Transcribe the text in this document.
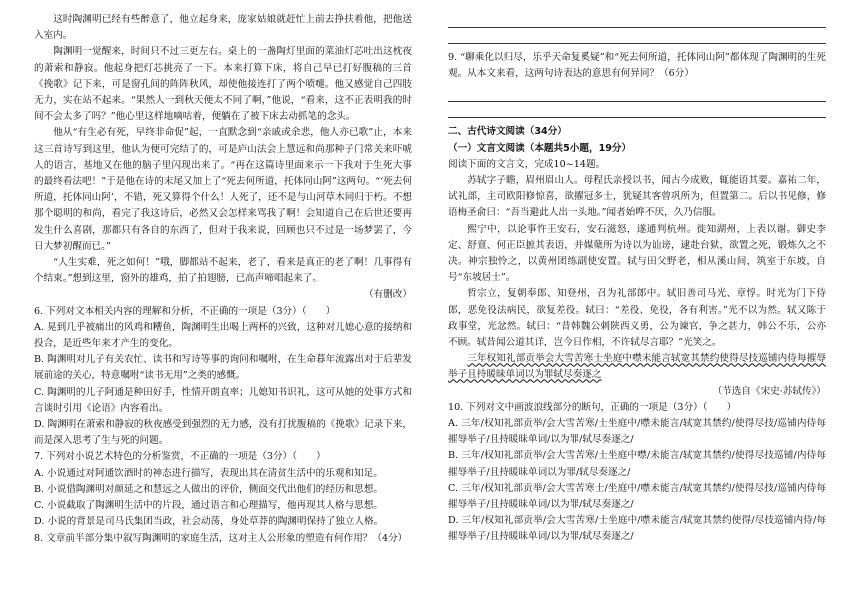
这时陶渊明已经有些醉意了，他立起身来，庞家姑娘就赶忙上前去挣扶着他，把他送入室内。

陶渊明一觉醒来，时间只不过三更左右。桌上的一盏陶灯里面的菜油灯芯吐出这枕夜的萧索和静寂。他起身把灯芯挑亮了一下。本来打算下床，将自己早已打好腹稿的三首《挽歌》记下来，可是窗孔间的阵阵秋风，却使他接连打了两个喷嚏。他又感觉自己四肢无力，实在站不起来。“果然人一到秋天便太不同了啊，”他说，“看来，这不正表明我的时间不会太多了吗？”他心里这样地嘀咕着，便躺在了被下床去动抓笔的念头。

他从“有生必有死，早终非命促”起，一直默念到“亲戚或余悲，他人亦已歌”止，本来这三首诗写到这里，他认为便可完结了的，可是庐山法会上慧远和尚那种子门常关来吓唬人的语言，基地又在他的脑子里闪现出来了。“再在这篇诗里面来示一下我对于生死大事的最终看法吧！”于是他在诗的末尾又加上了“死去何所道，托体同山阿”这两句。“‘死去何所道，托体同山阿’，不错，死又算得个什么！人死了，还不是与山河草木同归于朽。不想那个聪明的和尚，看完了我这诗后，必然又会怎样来骂我了啊！会知道自己在后世还要再发生什么喜剧，那都只有各自的东西了，但对于我来说，回顾也只不过是一场梦罢了，今日大梦初醒而已。”

“人生实难，死之如何！”哦，脚都站不起来，老了，看来是真正的老了啊！几事得有个结束。”想到这里，窗外的雄鸡，拍了拍翅膀，已高声啼唱起来了。

（有删改）

6. 下列对文本相关内容的理解和分析，不正确的一项是（3分）（　　）

A. 晃到几乎被痛出的风鸡和糟鱼，陶渊明生出喝上两杯的兴致，这种对儿媳心意的接纳和投合，是近些年来才产生的变化。

B. 陶渊明对儿子有关农忙、读书和写诗等事的询问和嘱咐，在生命暮年流露出对于后辈发展前途的关心，特意嘱咐“读书无用”之类的感慨。

C. 陶渊明的儿子阿通是种田好手，性情开朗直率；儿媳知书识礼，这可从她的处事方式和言谈时引用《论语》内容看出。

D. 陶渊明在萧索和静寂的秋夜感受到强烈的无力感，没有打扰腹稿的《挽歌》记录下来，而是深入思考了生与死的问题。

7. 下列对小说艺术特色的分析鉴赏，不正确的一项是（3分）（　　）

A. 小说通过对阿通饮酒时的神态进行描写，表现出其在清贫生活中的乐观和知足。

B. 小说借陶渊明对颜延之和慧远之人做出的评价，侧面交代出他们的经历和思想。

C. 小说截取了陶渊明生活中的片段，通过语言和心理描写，他再现其人格与思想。

D. 小说的背景是司马氏集团当政，社会动荡，身处草莽的陶渊明保持了独立人格。

8. 文章前半部分集中叙写陶渊明的家庭生活，这对主人公形象的塑造有何作用？（4分）

9. “聊乘化以归尽，乐乎天命复奚疑”和“死去何所道，托体同山阿”都体现了陶渊明的生死观。从本文来看，这两句诗表达的意思有何异同？（6分）

二、古代诗文阅读（34分）
（一）文言文阅读（本题共5小题，19分）

阅读下面的文言文，完成10~14题。

苏轼字子瞻，眉州眉山人。母程氏亲授以书，闻古今成败，辄能语其要。嘉祐二年，试礼部，主司欧阳修惊喜，欲擢冠多士，犹疑其客曾巩所为，但置第二。后以书见修，修语梅圣俞曰：“吾当避此人出一头地。”闻者始哗不厌，久乃信服。

熙宁中，以论事忤王安石，安石滋怒，遂通判杭州。徙知湖州，上表以谢。御史李定、舒亶、何正臣摭其表语，并媒蘖所为诗以为讪谤，逮赴台狱，欲置之死，锻炼久之不决。神宗独怜之，以黄州团练副使安置。轼与田父野老，相从溪山间，筑室于东坡，自号“东坡居士”。

哲宗立，复朝奉郎、知登州，召为礼部郎中。轼旧善司马光、章惇。时光为门下侍郎，恶免役法病民，欲复差役。轼曰：“差役、免役，各有利害。”光不以为然。轼又陈于政事堂，光忿然。轼曰：“昔韩魏公刺陕西义勇，公为谏官，争之甚力，韩公不乐，公亦不顾。轼昔闻公道其详，岂今日作相，不许轼尽言耶？”光笑之。

三年权知礼部贡举会大雪苦寒士坐庭中噤未能言轼宽其禁约使得尽技巡铺内侍每摧辱举子且持暖昧单词以为罪轼尽奏逐之

（节选自《宋史·苏轼传》）

10. 下列对文中画波浪线部分的断句，正确的一项是（3分）（　　）

A. 三年/权知礼部贡举/会大雪苦寒/士坐庭中/噤未能言/轼宽其禁约/使得尽技/巡铺内侍每摧辱举子/且持暖昧单词/以为罪/轼尽奏逐之/

B. 三年/权知礼部贡举/会大雪苦寒/士坐庭中噤/未能言/轼宽其禁约/使得尽技巡铺/内侍每摧辱举子/且持暖昧单词以为罪/轼尽奏逐之/

C. 三年/权知礼部贡举/会大雪苦寒士/坐庭中/噤未能言/轼宽其禁约/使得尽技/巡铺内侍每摧辱举子/且持暖昧单词/以为罪/轼尽奏逐之/

D. 三年/权知礼部贡举/会大雪苦寒/士坐庭中/噤未能言/轼宽其禁约使得/尽技巡铺内侍/每摧辱举子/且持暖昧单词/以为罪/轼尽奏逐之/
